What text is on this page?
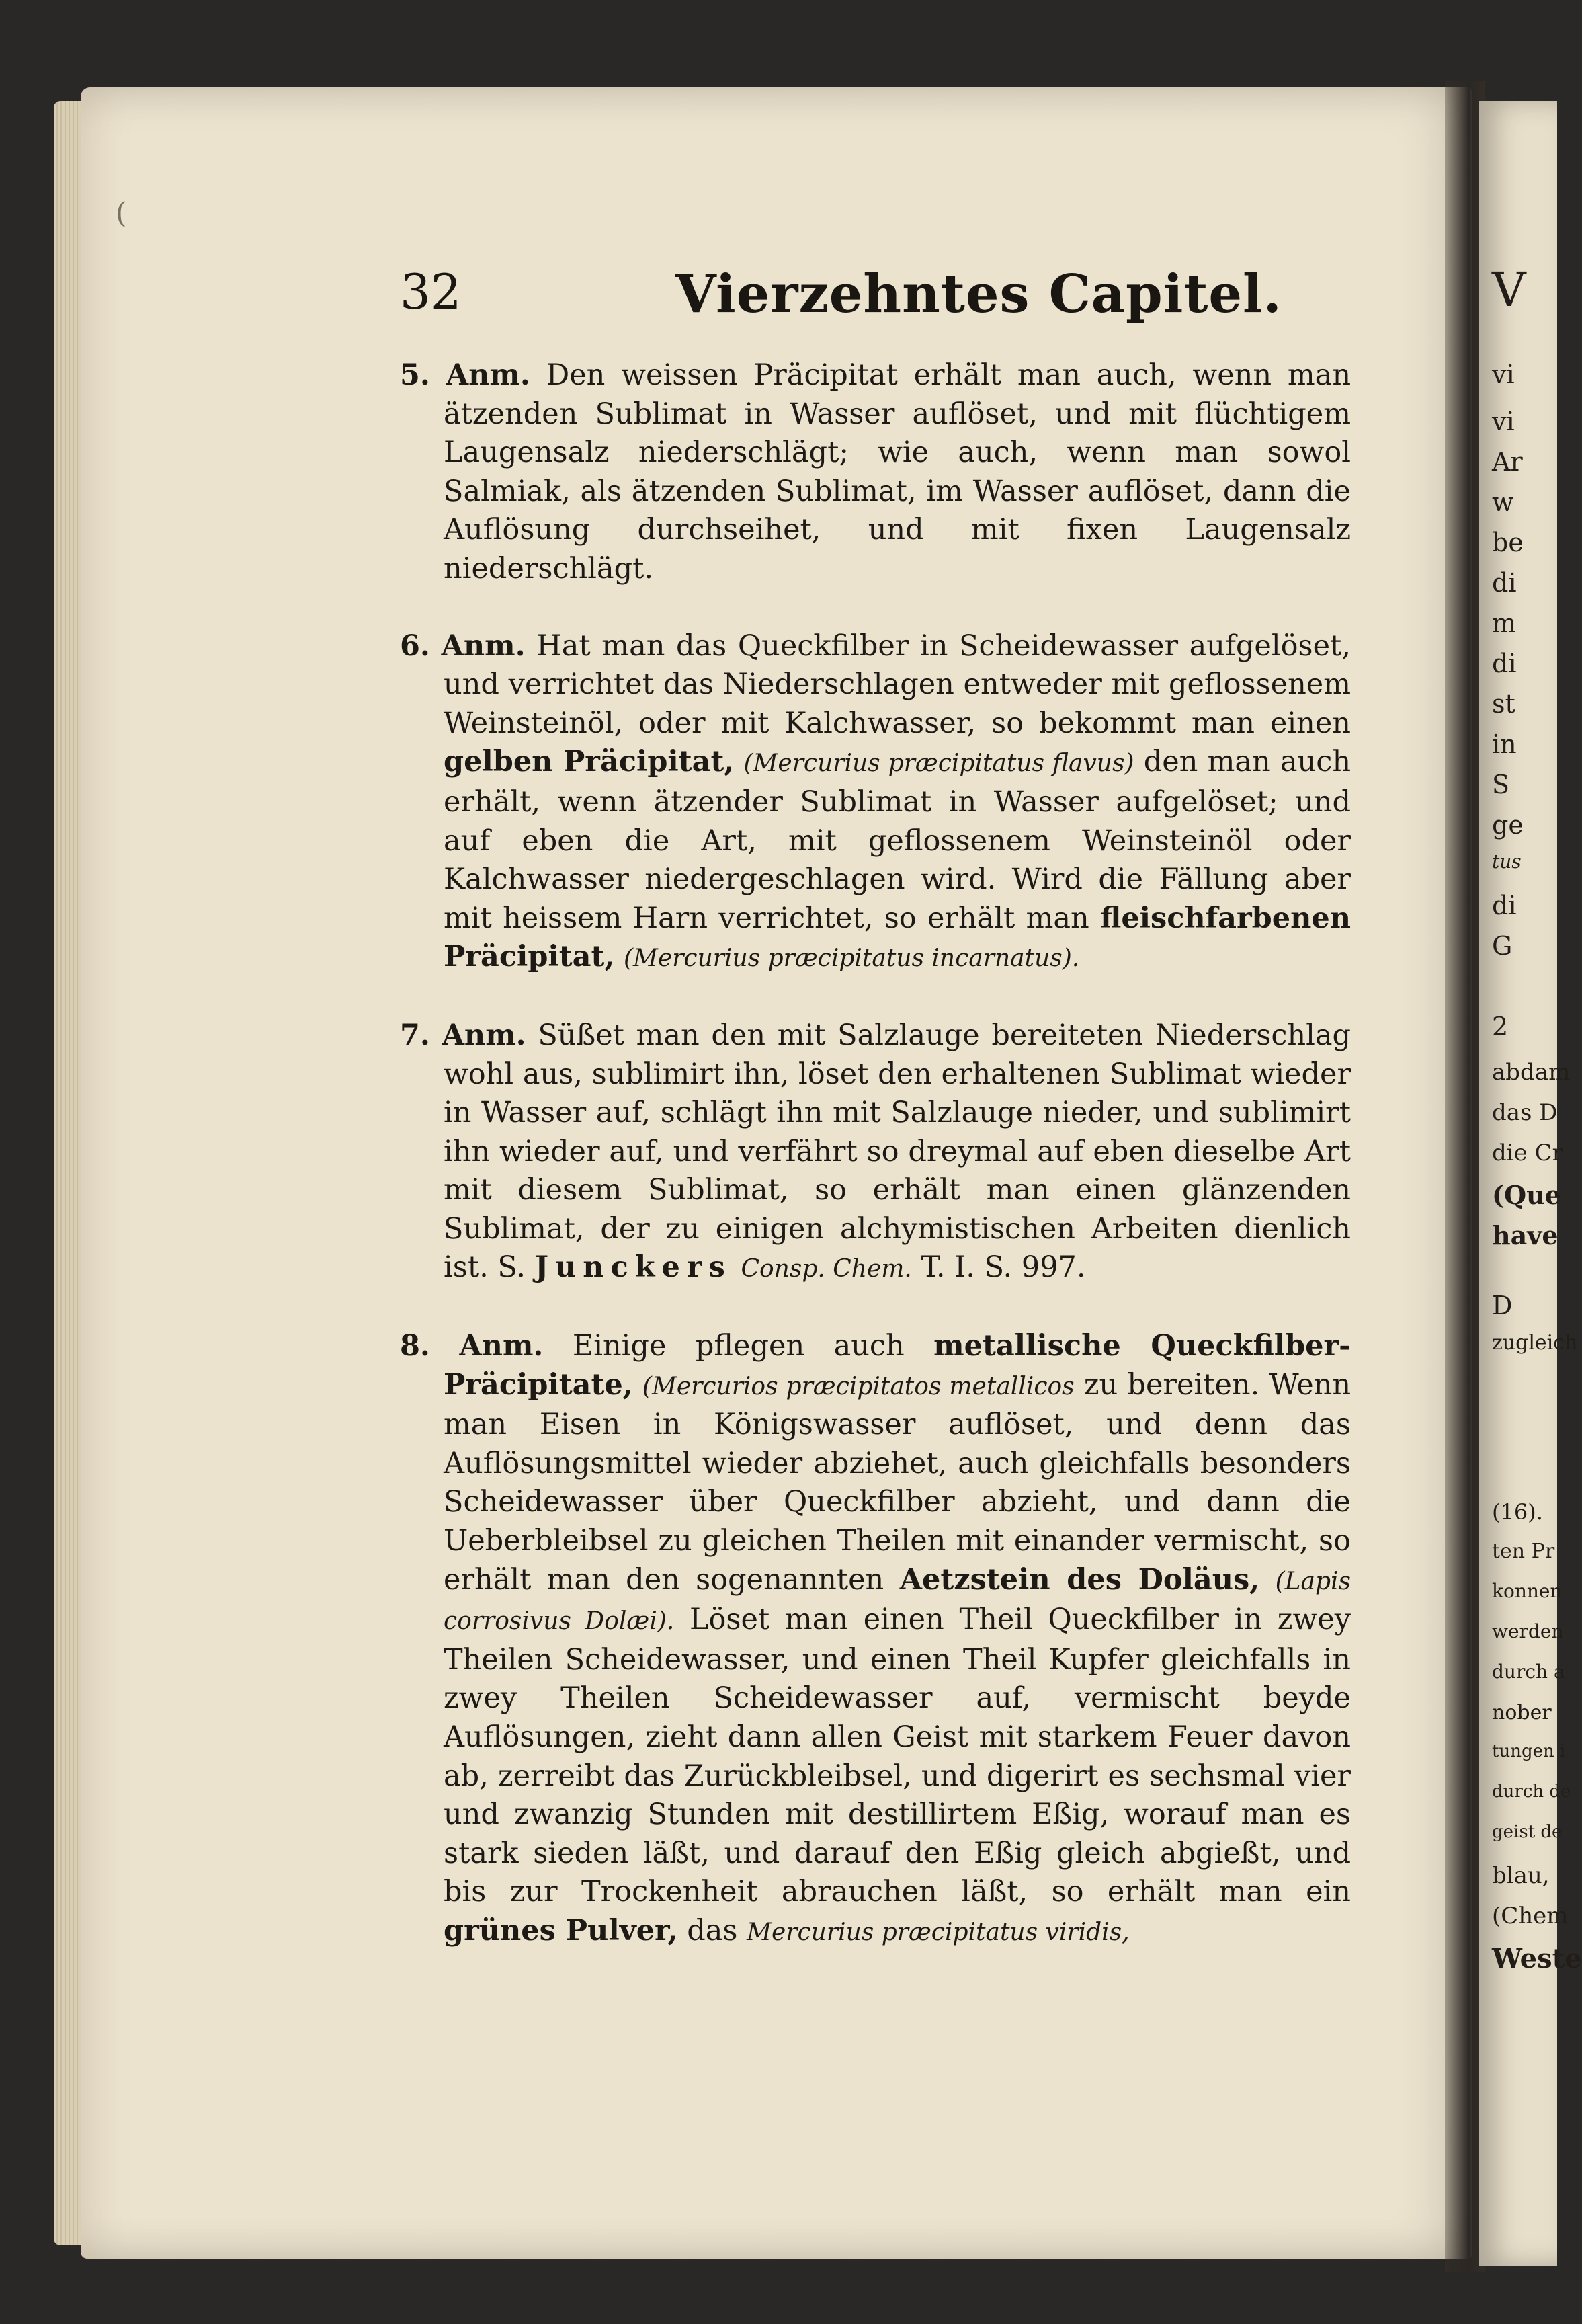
V
vi
vi
Ar
w
be
di
m
di
st
in
S
ge
tus
di
G
2
abdam
das D
die Cr
(Que
have
D
zugleich
(16).
ten Pr
konnen
werden
durch a
nober
tungen i
durch de
geist de
blau,
(Chem
Weste
(
32	Vierzehntes Capitel.

5. Anm. Den weissen Präcipitat erhält man auch, wenn man ätzenden Sublimat in Wasser auflöset, und mit flüchtigem Laugensalz niederschlägt; wie auch, wenn man sowol Salmiak, als ätzenden Sublimat, im Wasser auflöset, dann die Auflösung durchseihet, und mit fixen Laugensalz niederschlägt.

6. Anm. Hat man das Queckfilber in Scheidewasser aufgelöset, und verrichtet das Niederschlagen entweder mit geflossenem Weinsteinöl, oder mit Kalchwasser, so bekommt man einen gelben Präcipitat, (Mercurius præcipitatus flavus) den man auch erhält, wenn ätzender Sublimat in Wasser aufgelöset; und auf eben die Art, mit geflossenem Weinsteinöl oder Kalchwasser niedergeschlagen wird. Wird die Fällung aber mit heissem Harn verrichtet, so erhält man fleischfarbenen Präcipitat, (Mercurius præcipitatus incarnatus).

7. Anm. Süßet man den mit Salzlauge bereiteten Niederschlag wohl aus, sublimirt ihn, löset den erhaltenen Sublimat wieder in Wasser auf, schlägt ihn mit Salzlauge nieder, und sublimirt ihn wieder auf, und verfährt so dreymal auf eben dieselbe Art mit diesem Sublimat, so erhält man einen glänzenden Sublimat, der zu einigen alchymistischen Arbeiten dienlich ist. S. Junckers Consp. Chem. T. I. S. 997.

8. Anm. Einige pflegen auch metallische Queckfilber-Präcipitate, (Mercurios præcipitatos metallicos zu bereiten. Wenn man Eisen in Königswasser auflöset, und denn das Auflösungsmittel wieder abziehet, auch gleichfalls besonders Scheidewasser über Queckfilber abzieht, und dann die Ueberbleibsel zu gleichen Theilen mit einander vermischt, so erhält man den sogenannten Aetzstein des Doläus, (Lapis corrosivus Dolæi). Löset man einen Theil Queckfilber in zwey Theilen Scheidewasser, und einen Theil Kupfer gleichfalls in zwey Theilen Scheidewasser auf, vermischt beyde Auflösungen, zieht dann allen Geist mit starkem Feuer davon ab, zerreibt das Zurückbleibsel, und digerirt es sechsmal vier und zwanzig Stunden mit destillirtem Eßig, worauf man es stark sieden läßt, und darauf den Eßig gleich abgießt, und bis zur Trockenheit abrauchen läßt, so erhält man ein grünes Pulver, das Mercurius præcipitatus viridis,
